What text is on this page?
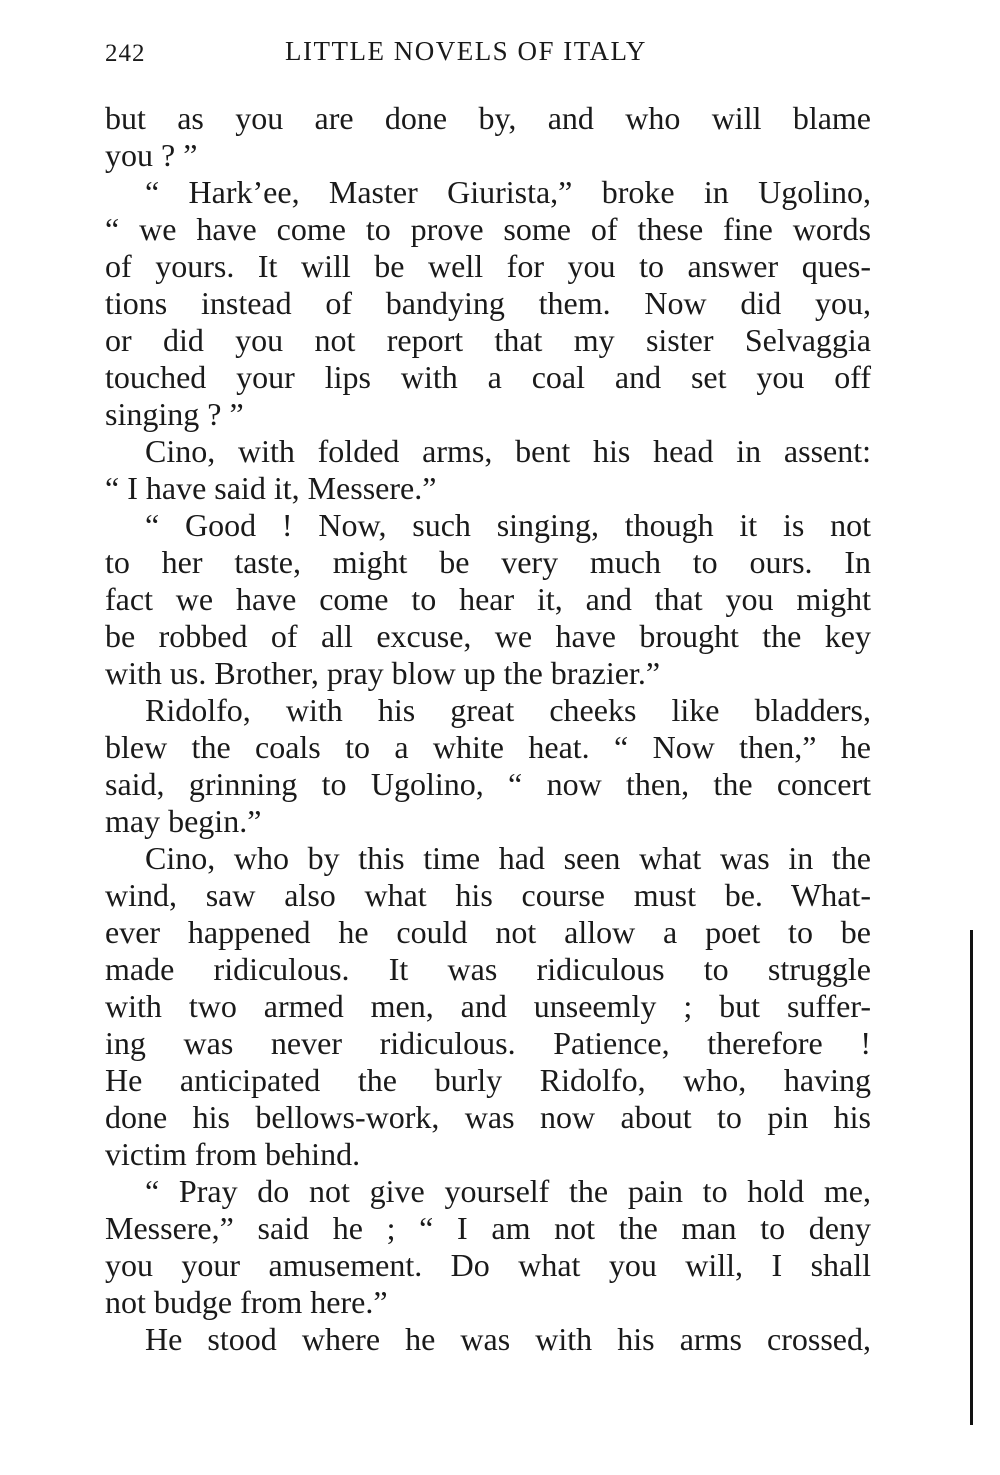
242	LITTLE NOVELS OF ITALY
but as you are done by, and who will blame
you ? ”
“ Hark’ee, Master Giurista,” broke in Ugolino,
“ we have come to prove some of these fine words
of yours. It will be well for you to answer ques-
tions instead of bandying them. Now did you,
or did you not report that my sister Selvaggia
touched your lips with a coal and set you off
singing ? ”
Cino, with folded arms, bent his head in assent:
“ I have said it, Messere.”
“ Good ! Now, such singing, though it is not
to her taste, might be very much to ours. In
fact we have come to hear it, and that you might
be robbed of all excuse, we have brought the key
with us. Brother, pray blow up the brazier.”
Ridolfo, with his great cheeks like bladders,
blew the coals to a white heat. “ Now then,” he
said, grinning to Ugolino, “ now then, the concert
may begin.”
Cino, who by this time had seen what was in the
wind, saw also what his course must be. What-
ever happened he could not allow a poet to be
made ridiculous. It was ridiculous to struggle
with two armed men, and unseemly ; but suffer-
ing was never ridiculous. Patience, therefore !
He anticipated the burly Ridolfo, who, having
done his bellows-work, was now about to pin his
victim from behind.
“ Pray do not give yourself the pain to hold me,
Messere,” said he ; “ I am not the man to deny
you your amusement. Do what you will, I shall
not budge from here.”
He stood where he was with his arms crossed,
